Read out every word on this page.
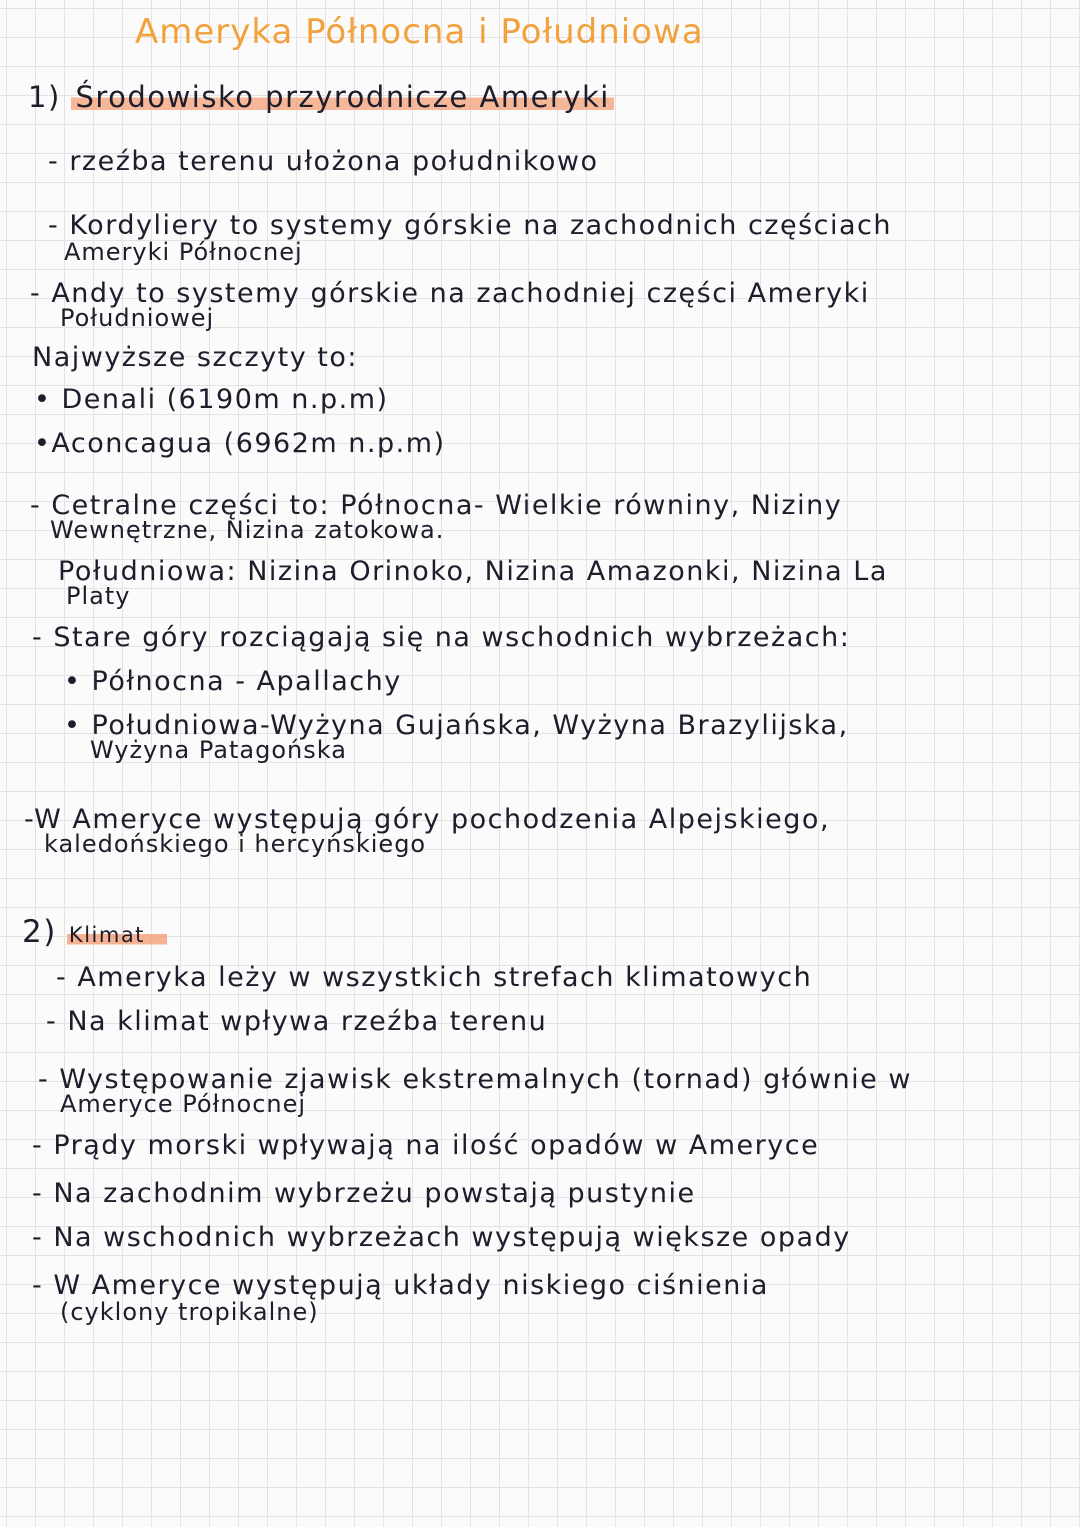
Ameryka Północna i Południowa
1) Środowisko przyrodnicze Ameryki
- rzeźba terenu ułożona południkowo
- Kordyliery to systemy górskie na zachodnich częściach
Ameryki Północnej
- Andy to systemy górskie na zachodniej części Ameryki
Południowej
Najwyższe szczyty to:
• Denali (6190m n.p.m)
•Aconcagua (6962m n.p.m)
- Cetralne części to: Północna- Wielkie równiny, Niziny
Wewnętrzne, Nizina zatokowa.
Południowa: Nizina Orinoko, Nizina Amazonki, Nizina La
Platy
- Stare góry rozciągają się na wschodnich wybrzeżach:
• Północna - Apallachy
• Południowa-Wyżyna Gujańska, Wyżyna Brazylijska,
Wyżyna Patagońska
-W Ameryce występują góry pochodzenia Alpejskiego,
kaledońskiego i hercyńskiego
2) Klimat
- Ameryka leży w wszystkich strefach klimatowych
- Na klimat wpływa rzeźba terenu
- Występowanie zjawisk ekstremalnych (tornad) głównie w
Ameryce Północnej
- Prądy morski wpływają na ilość opadów w Ameryce
- Na zachodnim wybrzeżu powstają pustynie
- Na wschodnich wybrzeżach występują większe opady
- W Ameryce występują układy niskiego ciśnienia
(cyklony tropikalne)
